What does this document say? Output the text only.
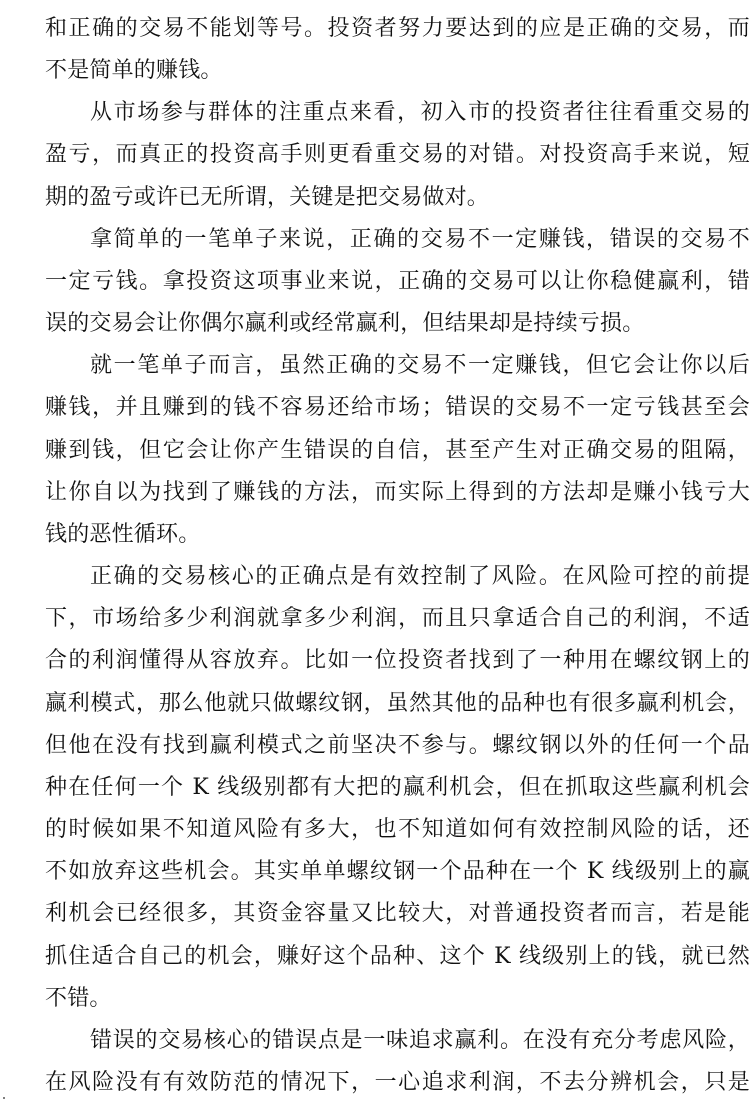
和正确的交易不能划等号。投资者努力要达到的应是正确的交易，而
不是简单的赚钱。
从市场参与群体的注重点来看，初入市的投资者往往看重交易的
盈亏，而真正的投资高手则更看重交易的对错。对投资高手来说，短
期的盈亏或许已无所谓，关键是把交易做对。
拿简单的一笔单子来说，正确的交易不一定赚钱，错误的交易不
一定亏钱。拿投资这项事业来说，正确的交易可以让你稳健赢利，错
误的交易会让你偶尔赢利或经常赢利，但结果却是持续亏损。
就一笔单子而言，虽然正确的交易不一定赚钱，但它会让你以后
赚钱，并且赚到的钱不容易还给市场；错误的交易不一定亏钱甚至会
赚到钱，但它会让你产生错误的自信，甚至产生对正确交易的阻隔，
让你自以为找到了赚钱的方法，而实际上得到的方法却是赚小钱亏大
钱的恶性循环。
正确的交易核心的正确点是有效控制了风险。在风险可控的前提
下，市场给多少利润就拿多少利润，而且只拿适合自己的利润，不适
合的利润懂得从容放弃。比如一位投资者找到了一种用在螺纹钢上的
赢利模式，那么他就只做螺纹钢，虽然其他的品种也有很多赢利机会，
但他在没有找到赢利模式之前坚决不参与。螺纹钢以外的任何一个品
种在任何一个 K 线级别都有大把的赢利机会，但在抓取这些赢利机会
的时候如果不知道风险有多大，也不知道如何有效控制风险的话，还
不如放弃这些机会。其实单单螺纹钢一个品种在一个 K 线级别上的赢
利机会已经很多，其资金容量又比较大，对普通投资者而言，若是能
抓住适合自己的机会，赚好这个品种、这个 K 线级别上的钱，就已然
不错。
错误的交易核心的错误点是一味追求赢利。在没有充分考虑风险，
在风险没有有效防范的情况下，一心追求利润，不去分辨机会，只是
